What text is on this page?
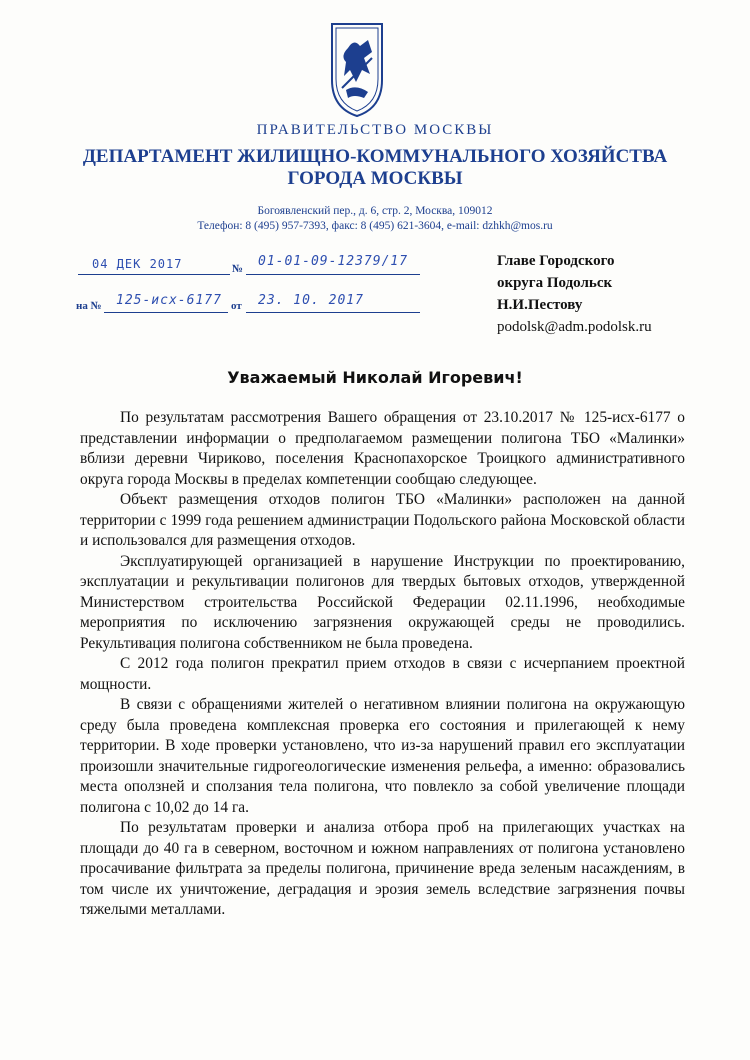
ПРАВИТЕЛЬСТВО МОСКВЫ
ДЕПАРТАМЕНТ ЖИЛИЩНО-КОММУНАЛЬНОГО ХОЗЯЙСТВА
ГОРОДА МОСКВЫ
Богоявленский пер., д. 6, стр. 2, Москва, 109012
Телефон: 8 (495) 957-7393, факс: 8 (495) 621-3604, e-mail: dzhkh@mos.ru
04 ДЕК 2017	№ 01-01-09-12379/17
на № 125-исх-6177 от 23. 10. 2017
Главе Городского
округа Подольск
Н.И.Пестову
podolsk@adm.podolsk.ru
Уважаемый Николай Игоревич!

По результатам рассмотрения Вашего обращения от 23.10.2017 № 125-исх-6177 о представлении информации о предполагаемом размещении полигона ТБО «Малинки» вблизи деревни Чириково, поселения Краснопахорское Троицкого административного округа города Москвы в пределах компетенции сообщаю следующее.

Объект размещения отходов полигон ТБО «Малинки» расположен на данной территории с 1999 года решением администрации Подольского района Московской области и использовался для размещения отходов.

Эксплуатирующей организацией в нарушение Инструкции по проектированию, эксплуатации и рекультивации полигонов для твердых бытовых отходов, утвержденной Министерством строительства Российской Федерации 02.11.1996, необходимые мероприятия по исключению загрязнения окружающей среды не проводились. Рекультивация полигона собственником не была проведена.

С 2012 года полигон прекратил прием отходов в связи с исчерпанием проектной мощности.

В связи с обращениями жителей о негативном влиянии полигона на окружающую среду была проведена комплексная проверка его состояния и прилегающей к нему территории. В ходе проверки установлено, что из-за нарушений правил его эксплуатации произошли значительные гидрогеологические изменения рельефа, а именно: образовались места оползней и сползания тела полигона, что повлекло за собой увеличение площади полигона с 10,02 до 14 га.

По результатам проверки и анализа отбора проб на прилегающих участках на площади до 40 га в северном, восточном и южном направлениях от полигона установлено просачивание фильтрата за пределы полигона, причинение вреда зеленым насаждениям, в том числе их уничтожение, деградация и эрозия земель вследствие загрязнения почвы тяжелыми металлами.
